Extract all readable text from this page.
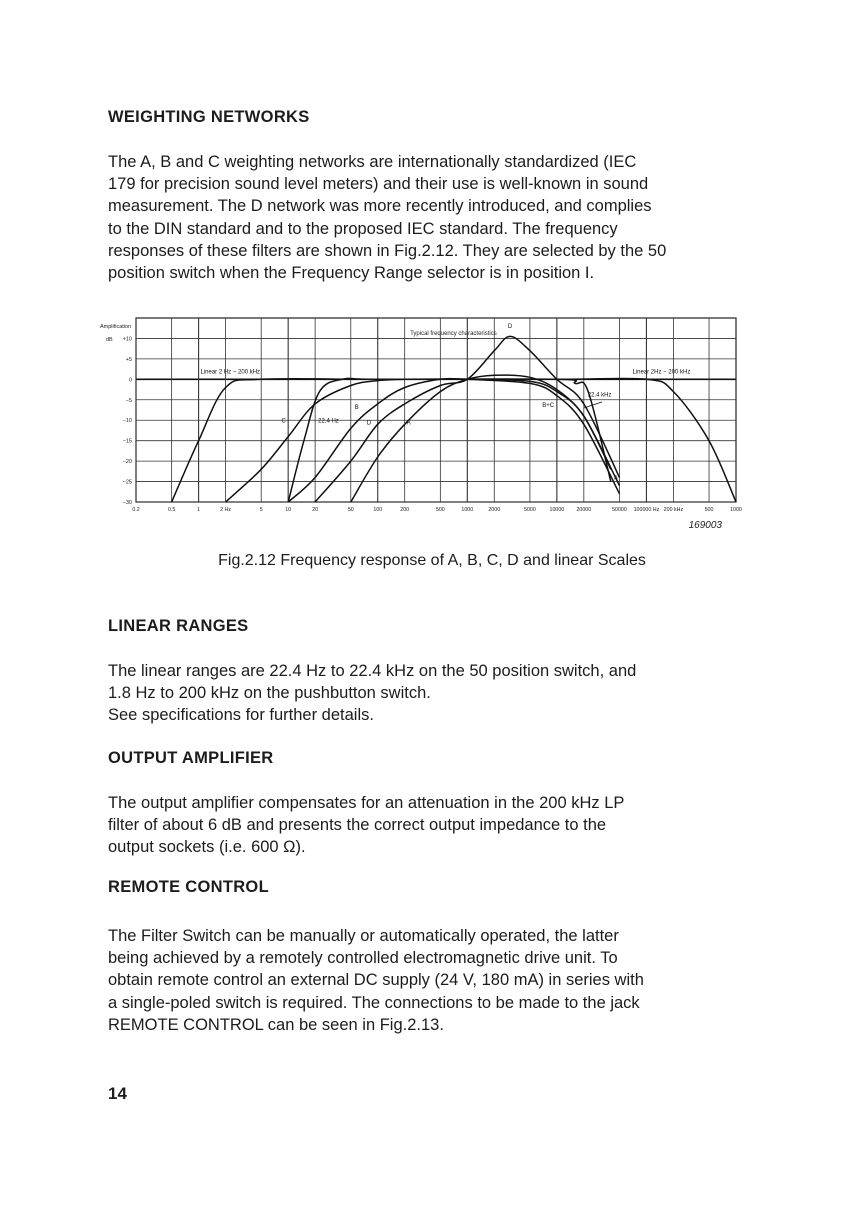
WEIGHTING NETWORKS

The A, B and C weighting networks are internationally standardized (IEC
179 for precision sound level meters) and their use is well-known in sound
measurement. The D network was more recently introduced, and complies
to the DIN standard and to the proposed IEC standard. The frequency
responses of these filters are shown in Fig.2.12. They are selected by the 50
position switch when the Frequency Range selector is in position I.

+10
+5
0
−5
−10
−15
−20
−25
−30
0.2	0.5	1	2 Hz	5	10	20	50	100	200	500	1000	2000	5000	10000 20000	50000 100000 Hz 200 kHz	500	1000
Amplification
dB
Typical frequency characteristics
Linear 2 Hz − 200 kHz	Linear 2Hz − 200 kHz
22.4 Hz
22.4 kHz
A
A
B
C
D
D
B+C
169003
Fig.2.12 Frequency response of A, B, C, D and linear Scales
LINEAR RANGES

The linear ranges are 22.4 Hz to 22.4 kHz on the 50 position switch, and
1.8 Hz to 200 kHz on the pushbutton switch.
See specifications for further details.

OUTPUT AMPLIFIER

The output amplifier compensates for an attenuation in the 200 kHz LP
filter of about 6 dB and presents the correct output impedance to the
output sockets (i.e. 600 Ω).

REMOTE CONTROL

The Filter Switch can be manually or automatically operated, the latter
being achieved by a remotely controlled electromagnetic drive unit. To
obtain remote control an external DC supply (24 V, 180 mA) in series with
a single-poled switch is required. The connections to be made to the jack
REMOTE CONTROL can be seen in Fig.2.13.

14
